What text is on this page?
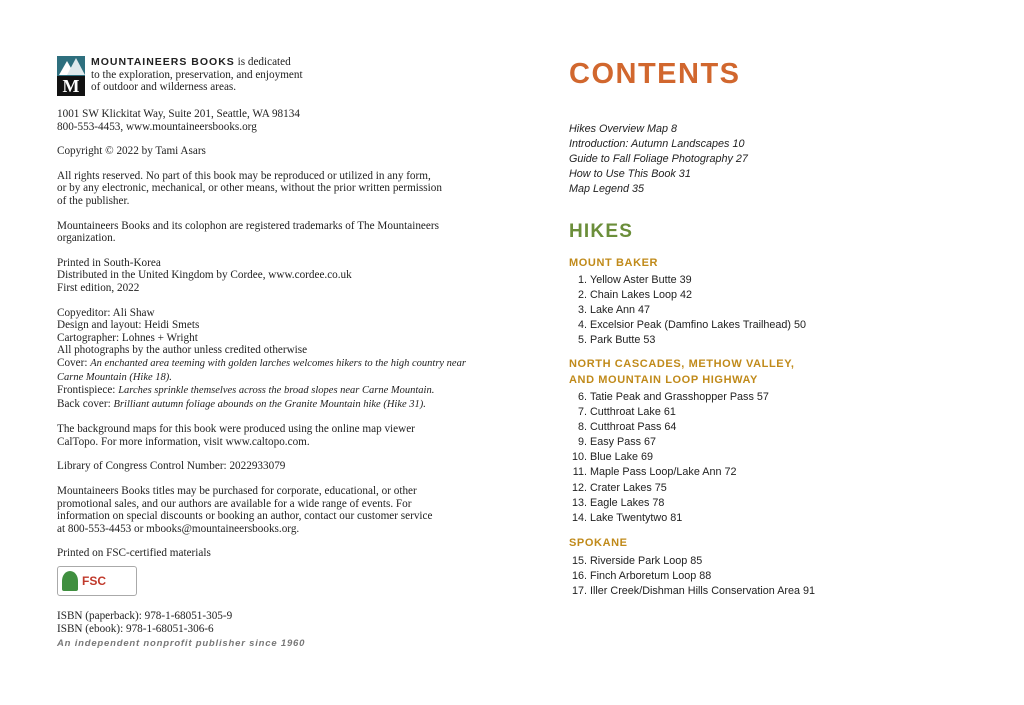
M
MOUNTAINEERS BOOKS is dedicated
to the exploration, preservation, and enjoyment
of outdoor and wilderness areas.

1001 SW Klickitat Way, Suite 201, Seattle, WA 98134
800-553-4453, www.mountaineersbooks.org

Copyright © 2022 by Tami Asars

All rights reserved. No part of this book may be reproduced or utilized in any form,
or by any electronic, mechanical, or other means, without the prior written permission
of the publisher.

Mountaineers Books and its colophon are registered trademarks of The Mountaineers
organization.

Printed in South-Korea
Distributed in the United Kingdom by Cordee, www.cordee.co.uk
First edition, 2022

Copyeditor: Ali Shaw
Design and layout: Heidi Smets
Cartographer: Lohnes + Wright
All photographs by the author unless credited otherwise
Cover: An enchanted area teeming with golden larches welcomes hikers to the high country near
Carne Mountain (Hike 18).
Frontispiece: Larches sprinkle themselves across the broad slopes near Carne Mountain.
Back cover: Brilliant autumn foliage abounds on the Granite Mountain hike (Hike 31).

The background maps for this book were produced using the online map viewer
CalTopo. For more information, visit www.caltopo.com.

Library of Congress Control Number: 2022933079

Mountaineers Books titles may be purchased for corporate, educational, or other
promotional sales, and our authors are available for a wide range of events. For
information on special discounts or booking an author, contact our customer service
at 800-553-4453 or mbooks@mountaineersbooks.org.

Printed on FSC-certified materials

FSC

ISBN (paperback): 978-1-68051-305-9
ISBN (ebook): 978-1-68051-306-6

An independent nonprofit publisher since 1960
CONTENTS
Hikes Overview Map 8
Introduction: Autumn Landscapes 10
Guide to Fall Foliage Photography 27
How to Use This Book 31
Map Legend 35
HIKES
MOUNT BAKER
1.
Yellow Aster Butte 39
2.
Chain Lakes Loop 42
3.
Lake Ann 47
4.
Excelsior Peak (Damfino Lakes Trailhead) 50
5.
Park Butte 53
NORTH CASCADES, METHOW VALLEY,
AND MOUNTAIN LOOP HIGHWAY
6.
Tatie Peak and Grasshopper Pass 57
7.
Cutthroat Lake 61
8.
Cutthroat Pass 64
9.
Easy Pass 67
10.
Blue Lake 69
11.
Maple Pass Loop/Lake Ann 72
12.
Crater Lakes 75
13.
Eagle Lakes 78
14.
Lake Twentytwo 81
SPOKANE
15.
Riverside Park Loop 85
16.
Finch Arboretum Loop 88
17.
Iller Creek/Dishman Hills Conservation Area 91
